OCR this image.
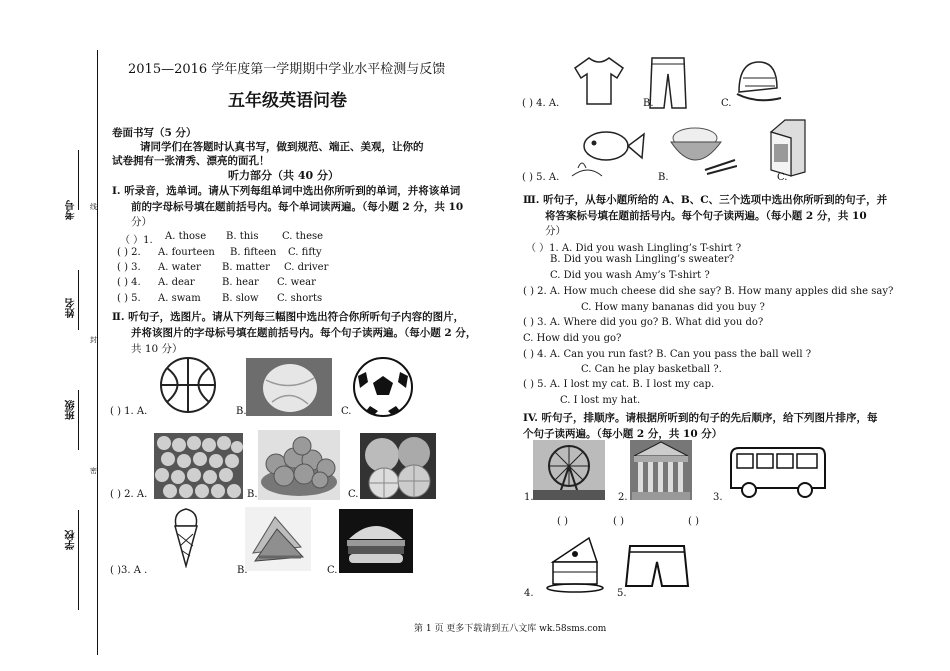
考号
姓名
班级
学校
线
封
密
2015—2016 学年度第一学期期中学业水平检测与反馈
五年级英语问卷
卷面书写（5 分）
请同学们在答题时认真书写，做到规范、端正、美观，让你的
试卷拥有一张清秀、漂亮的面孔！
听力部分（共 40 分）
Ⅰ. 听录音，选单词。请从下列每组单词中选出你所听到的单词，并将该单词
前的字母标号填在题前括号内。每个单词读两遍。（每小题 2 分，共 10
分）
（ ）1. A. those B. this C. these
( ) 2. A. fourteen B. fifteen C. fifty
( ) 3. A. water B. matter C. driver
( ) 4. A. dear	B. hear C. wear
( ) 5. A. swam B. slow C. shorts
Ⅱ. 听句子，选图片。请从下列每三幅图中选出符合你所听句子内容的图片，
并将该图片的字母标号填在题前括号内。每个句子读两遍。（每小题 2 分，
共 10 分）
( ) 1. A.	B.	C.
( ) 2. A.	B.	C.
( )3. A .	B.	C.
( ) 4. A.	B.	C.
( ) 5. A.	B.	C.
Ⅲ. 听句子，从每小题所给的 A、B、C、三个选项中选出你所听到的句子，并
将答案标号填在题前括号内。每个句子读两遍。（每小题 2 分，共 10
分）
（ ）1. A. Did you wash Lingling’s T-shirt ?
B. Did you wash Lingling’s sweater?
C. Did you wash Amy’s T-shirt ?
( ) 2. A. How much cheese did she say? B. How many apples did she say?
C. How many bananas did you buy ?
( ) 3. A. Where did you go? B. What did you do?
C. How did you go?
( ) 4. A. Can you run fast? B. Can you pass the ball well ?
C. Can he play basketball ?.
( ) 5. A. I lost my cat. B. I lost my cap.
C. I lost my hat.
IV. 听句子，排顺序。请根据所听到的句子的先后顺序，给下列图片排序，每
个句子读两遍。（每小题 2 分，共 10 分）
1.	2.	3.
( )	( )	( )
4.	5.
第 1 页 更多下载请到五八文库 wk.58sms.com
